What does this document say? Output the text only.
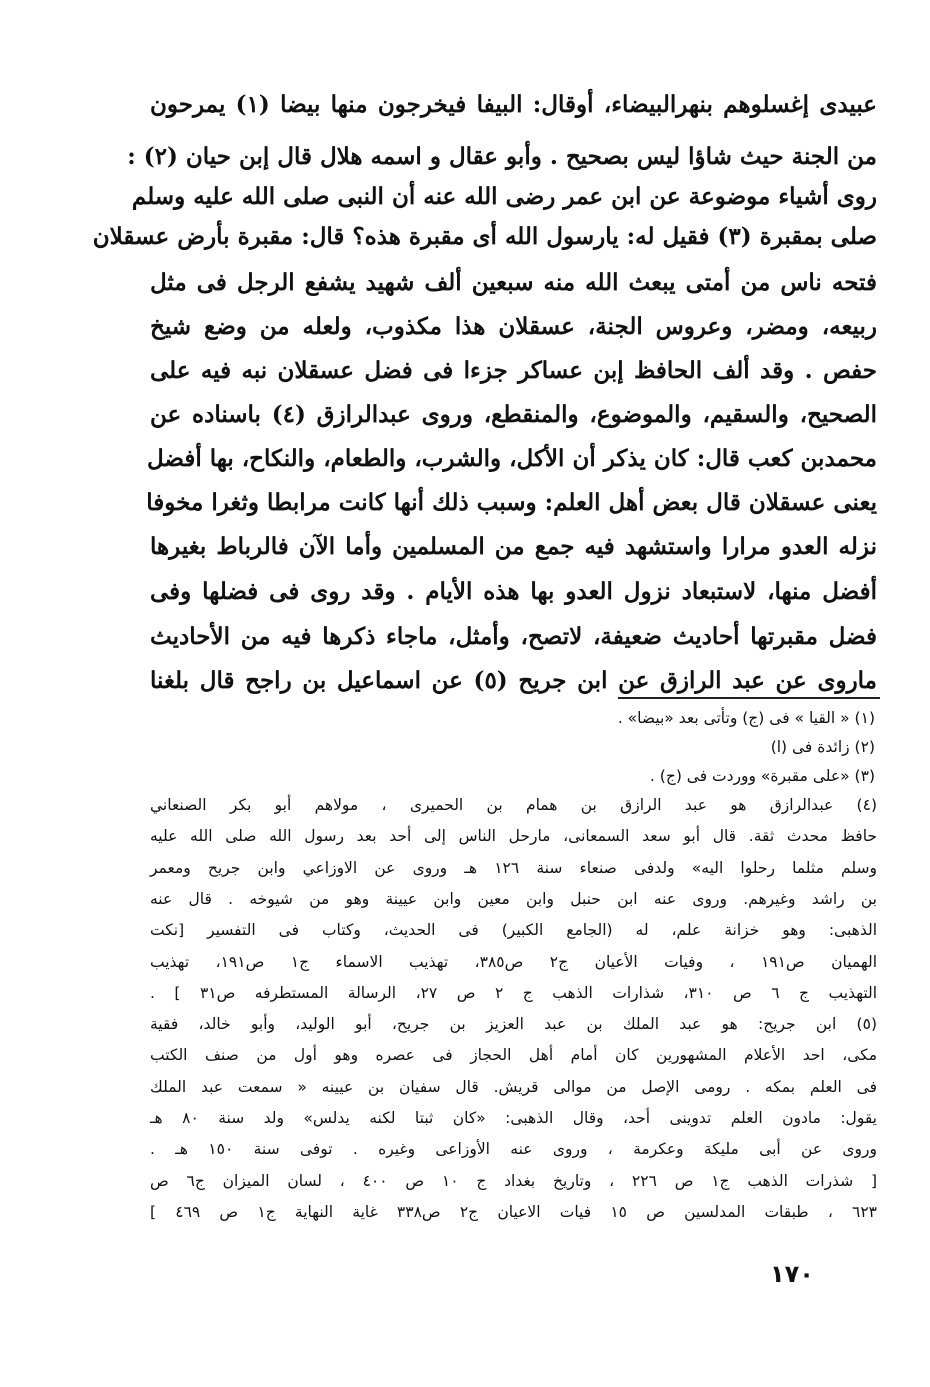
عبيدى إغسلوهم بنهرالبيضاء، أوقال: البيفا فيخرجون منها بيضا (١) يمرحون
من الجنة حيث شاؤا ليس بصحيح . وأبو عقال و اسمه هلال قال إبن حيان (٢) :
روى أشياء موضوعة عن ابن عمر رضى الله عنه أن النبى صلى الله عليه وسلم
صلى بمقبرة (٣) فقيل له: يارسول الله أى مقبرة هذه؟ قال: مقبرة بأرض عسقلان
فتحه ناس من أمتى يبعث الله منه سبعين ألف شهيد يشفع الرجل فى مثل
ربيعه، ومضر، وعروس الجنة، عسقلان هذا مكذوب، ولعله من وضع شيخ
حفص . وقد ألف الحافظ إبن عساكر جزءا فى فضل عسقلان نبه فيه على
الصحيح، والسقيم، والموضوع، والمنقطع، وروى عبدالرازق (٤) باسناده عن
محمدبن كعب قال: كان يذكر أن الأكل، والشرب، والطعام، والنكاح، بها أفضل
يعنى عسقلان قال بعض أهل العلم: وسبب ذلك أنها كانت مرابطا وثغرا مخوفا
نزله العدو مرارا واستشهد فيه جمع من المسلمين وأما الآن فالرباط بغيرها
أفضل منها، لاستبعاد نزول العدو بها هذه الأيام . وقد روى فى فضلها وفى
فضل مقبرتها أحاديث ضعيفة، لاتصح، وأمثل، ماجاء ذكرها فيه من الأحاديث
ماروى عن عبد الرازق عن ابن جريح (٥) عن اسماعيل بن راجح قال بلغنا
(١) « القيا » فى (ج) وتأتى بعد «بيضا» .
(٢) زائدة فى (ا)
(٣) «على مقبرة» ووردت فى (ج) .
(٤) عبدالرازق هو عبد الرازق بن همام بن الحميرى ، مولاهم أبو بكر الصنعاني
حافظ محدث ثقة. قال أبو سعد السمعانى، مارحل الناس إلى أحد بعد رسول الله صلى الله عليه
وسلم مثلما رحلوا اليه» ولدفى صنعاء سنة ١٢٦ هـ وروى عن الاوزاعي وابن جريح ومعمر
بن راشد وغيرهم. وروى عنه ابن حنبل وابن معين وابن عيينة وهو من شيوخه . قال عنه
الذهبى: وهو خزانة علم، له (الجامع الكبير) فى الحديث، وكتاب فى التفسير [نكت
الهميان ص١٩١ ، وفيات الأعيان ج٢ ص٣٨٥، تهذيب الاسماء ج١ ص١٩١، تهذيب
التهذيب ج ٦ ص ٣١٠، شذارات الذهب ج ٢ ص ٢٧، الرسالة المستطرفه ص٣١ ] .
(٥) ابن جريح: هو عبد الملك بن عبد العزيز بن جريح، أبو الوليد، وأبو خالد، فقية
مكى، احد الأعلام المشهورين كان أمام أهل الحجاز فى عصره وهو أول من صنف الكتب
فى العلم بمكه . رومى الإصل من موالى قريش. قال سفيان بن عيينه « سمعت عبد الملك
يقول: مادون العلم تدوينى أحد، وقال الذهبى: «كان ثبتا لكنه يدلس» ولد سنة ٨٠ هـ
وروى عن أبى مليكة وعكرمة ، وروى عنه الأوزاعى وغيره . توفى سنة ١٥٠ هـ .
[ شذرات الذهب ج١ ص ٢٢٦ ، وتاريخ بغداد ج ١٠ ص ٤٠٠ ، لسان الميزان ج٦ ص
٦٢٣ ، طبقات المدلسين ص ١٥ فيات الاعيان ج٢ ص٣٣٨ غاية النهاية ج١ ص ٤٦٩ ]
١٧٠
